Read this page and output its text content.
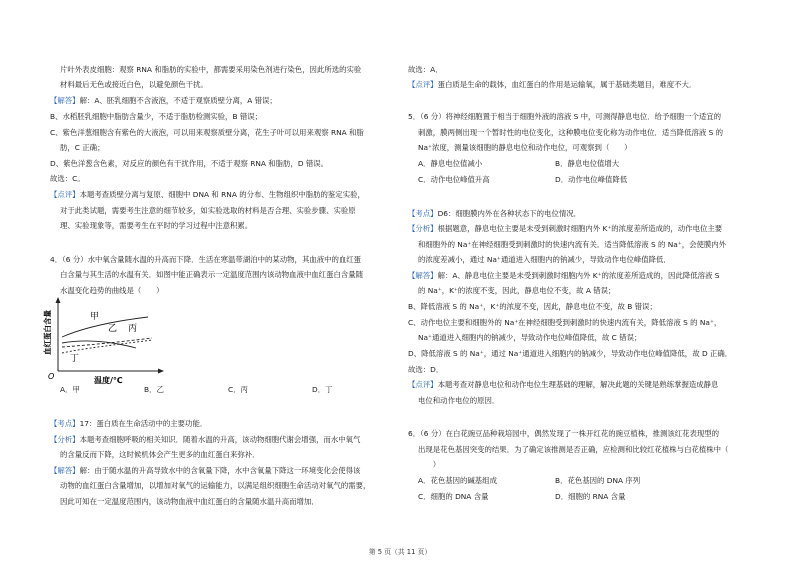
片叶外表皮细胞：观察 RNA 和脂肪的实验中，都需要采用染色剂进行染色，因此所选的实验
材料最后无色或接近白色，以避免颜色干扰。
【解答】解：A、胚乳细胞不含液泡，不适于观察质壁分离，A 错误；
B、水稻胚乳细胞中脂肪含量少，不适于脂肪检测实验，B 错误；
C、紫色洋葱细胞含有紫色的大液泡，可以用来观察质壁分离，花生子叶可以用来观察 RNA 和脂
肪，C 正确；
D、紫色洋葱含色素，对反应的颜色有干扰作用，不适于观察 RNA 和脂肪，D 错误。
故选：C。
【点评】本题考查质壁分离与复原、细胞中 DNA 和 RNA 的分布、生物组织中脂肪的鉴定实验，
对于此类试题，需要考生注意的细节较多，如实验选取的材料是否合理、实验步骤、实验原
理、实验现象等，需要考生在平时的学习过程中注意积累。
4．（6 分）水中氧含量随水温的升高而下降．生活在寒温带湖泊中的某动物，其血液中的血红蛋
白含量与其生活的水温有关．如图中能正确表示一定温度范围内该动物血液中血红蛋白含量随
水温变化趋势的曲线是（　　）
甲
乙 丙
丁
O	温度/℃
血红蛋白含量
A．甲	B．乙	C．丙	D．丁
【考点】17：蛋白质在生命活动中的主要功能．
【分析】本题考查细胞呼吸的相关知识．随着水温的升高，该动物细胞代谢会增强，而水中氧气
的含量反而下降，这时候机体会产生更多的血红蛋白来弥补．
【解答】解：由于随水温的升高导致水中的含氧量下降，水中含氧量下降这一环境变化会使得该
动物的血红蛋白含量增加，以增加对氧气的运输能力，以满足组织细胞生命活动对氧气的需要，
因此可知在一定温度范围内，该动物血液中血红蛋白的含量随水温升高而增加．
故选：A．
【点评】蛋白质是生命的载体，血红蛋白的作用是运输氧，属于基础类题目，难度不大．
5．（6 分）将神经细胞置于相当于细胞外液的溶液 S 中，可测得静息电位．给予细胞一个适宜的
刺激，膜两侧出现一个暂时性的电位变化，这种膜电位变化称为动作电位．适当降低溶液 S 的
Na⁺浓度，测量该细胞的静息电位和动作电位，可观察到（　　）
A．静息电位值减小	B．静息电位值增大
C．动作电位峰值升高	D．动作电位峰值降低
【考点】D6：细胞膜内外在各种状态下的电位情况．
【分析】根据题意，静息电位主要是未受到刺激时细胞内外 K⁺的浓度差所造成的，动作电位主要
和细胞外的 Na⁺在神经细胞受到刺激时的快速内流有关．适当降低溶液 S 的 Na⁺，会使膜内外
的浓度差减小，通过 Na⁺通道进入细胞内的钠减少，导致动作电位峰值降低．
【解答】解：A、静息电位主要是未受到刺激时细胞内外 K⁺的浓度差所造成的，因此降低溶液 S
的 Na⁺，K⁺的浓度不变，因此，静息电位不变，故 A 错误；
B、降低溶液 S 的 Na⁺，K⁺的浓度不变，因此，静息电位不变，故 B 错误；
C、动作电位主要和细胞外的 Na⁺在神经细胞受到刺激时的快速内流有关，降低溶液 S 的 Na⁺，
Na⁺通道进入细胞内的钠减少，导致动作电位峰值降低，故 C 错误；
D、降低溶液 S 的 Na⁺，通过 Na⁺通道进入细胞内的钠减少，导致动作电位峰值降低，故 D 正确．
故选：D．
【点评】本题考查对静息电位和动作电位生理基础的理解，解决此题的关键是熟练掌握造成静息
电位和动作电位的原因．
6．（6 分）在白花豌豆品种栽培园中，偶然发现了一株开红花的豌豆植株，推测该红花表现型的
出现是花色基因突变的结果．为了确定该推测是否正确，应检测和比较红花植株与白花植株中（
　　）
A．花色基因的碱基组成	B．花色基因的 DNA 序列
C．细胞的 DNA 含量	D．细胞的 RNA 含量
第 5 页（共 11 页）
